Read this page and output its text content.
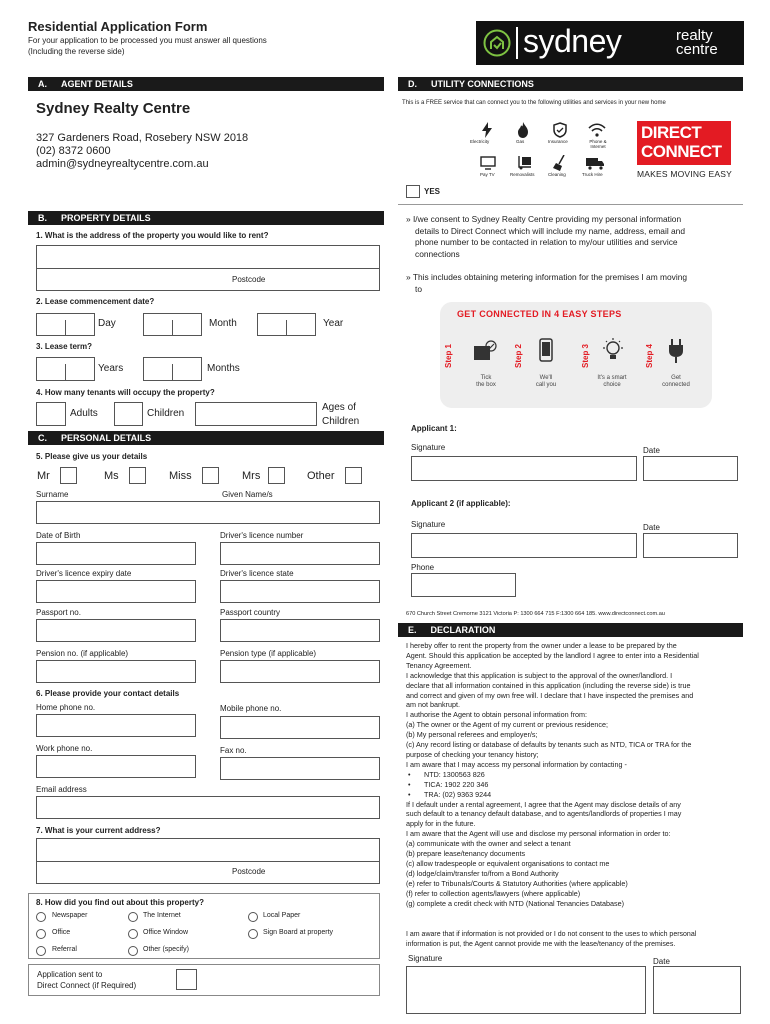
Residential Application Form
For your application to be processed you must answer all questions
(Including the reverse side)	sydney	realty
centre
A. AGENT DETAILS
Sydney Realty Centre
327 Gardeners Road, Rosebery NSW 2018
(02) 8372 0600
admin@sydneyrealtycentre.com.au
D. UTILITY CONNECTIONS
This is a FREE service that can connect you to the following utilities and services in your new home
Electricity	Gas	Insurance	Phone & Internet
Pay TV	Removalists	Cleaning	Truck Hire
DIRECT
CONNECT
MAKES MOVING EASY
YES
» I/we consent to Sydney Realty Centre providing my personal information
details to Direct Connect which will include my name, address, email and
phone number to be contacted in relation to my/our utilities and service
connections
» This includes obtaining metering information for the premises I am moving
to
GET CONNECTED IN 4 EASY STEPS
Step 1
Tick
the box
Step 2
We'll
call you
Step 3
It's a smart
choice
Step 4
Get
connected
Applicant 1:
Signature	Date
Applicant 2 (if applicable):
Signature	Date
Phone
670 Church Street Cremorne 3121 Victoria P: 1300 664 715 F:1300 664 185. www.directconnect.com.au
E. DECLARATION
I hereby offer to rent the property from the owner under a lease to be prepared by the
Agent. Should this application be accepted by the landlord I agree to enter into a Residential
Tenancy Agreement.
I acknowledge that this application is subject to the approval of the owner/landlord. I
declare that all information contained in this application (including the reverse side) is true
and correct and given of my own free will. I declare that I have inspected the premises and
am not bankrupt.
I authorise the Agent to obtain personal information from:
(a) The owner or the Agent of my current or previous residence;
(b) My personal referees and employer/s;
(c) Any record listing or database of defaults by tenants such as NTD, TICA or TRA for the
purpose of checking your tenancy history;
I am aware that I may access my personal information by contacting -
• NTD: 1300563 826
• TICA: 1902 220 346
• TRA: (02) 9363 9244
If I default under a rental agreement, I agree that the Agent may disclose details of any
such default to a tenancy default database, and to agents/landlords of properties I may
apply for in the future.
I am aware that the Agent will use and disclose my personal information in order to:
(a) communicate with the owner and select a tenant
(b) prepare lease/tenancy documents
(c) allow tradespeople or equivalent organisations to contact me
(d) lodge/claim/transfer to/from a Bond Authority
(e) refer to Tribunals/Courts & Statutory Authorities (where applicable)
(f) refer to collection agents/lawyers (where applicable)
(g) complete a credit check with NTD (National Tenancies Database)
I am aware that if information is not provided or I do not consent to the uses to which personal
information is put, the Agent cannot provide me with the lease/tenancy of the premises.
Signature	Date
B. PROPERTY DETAILS
1. What is the address of the property you would like to rent?
Postcode
2. Lease commencement date?
Day	Month	Year
3. Lease term?
Years	Months
4. How many tenants will occupy the property?
Adults	Children
Ages of
Children
C. PERSONAL DETAILS
5. Please give us your details
Mr	Ms	Miss	Mrs	Other
Surname	Given Name/s
Date of Birth	Driver's licence number
Driver's licence expiry date	Driver's licence state
Passport no.	Passport country
Pension no. (if applicable)	Pension type (if applicable)
6. Please provide your contact details
Home phone no.	Mobile phone no.
Work phone no.	Fax no.
Email address
7. What is your current address?
Postcode
8. How did you find out about this property?
Newspaper	The Internet	Local Paper
Office	Office Window	Sign Board at property
Referral	Other (specify)
Application sent to
Direct Connect (if Required)
